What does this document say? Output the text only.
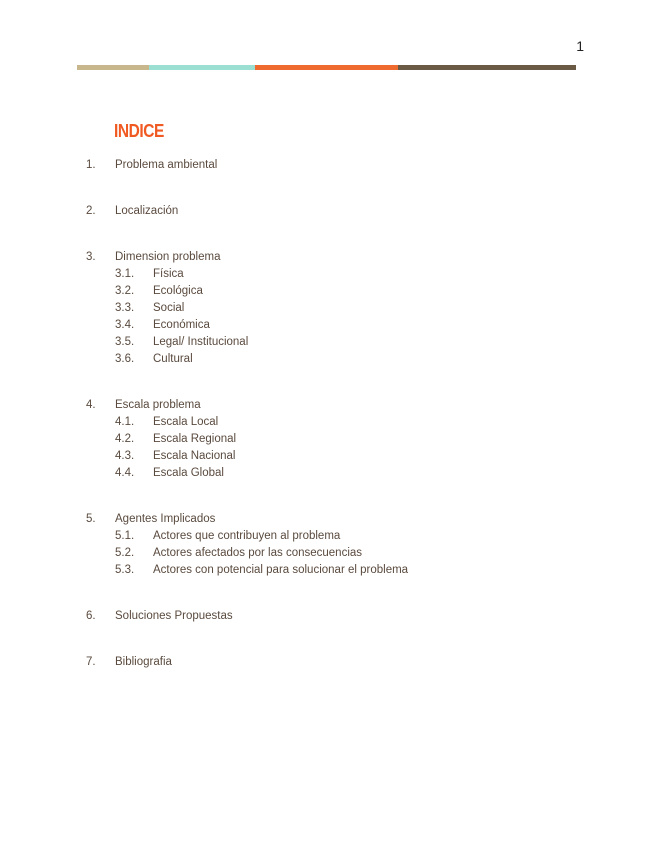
1
INDICE
1. Problema ambiental
2. Localización
3. Dimension problema
3.1. Física
3.2. Ecológica
3.3. Social
3.4. Económica
3.5. Legal/ Institucional
3.6. Cultural
4. Escala problema
4.1. Escala Local
4.2. Escala Regional
4.3. Escala Nacional
4.4. Escala Global
5. Agentes Implicados
5.1. Actores que contribuyen al problema
5.2. Actores afectados por las consecuencias
5.3. Actores con potencial para solucionar el problema
6. Soluciones Propuestas
7. Bibliografia
